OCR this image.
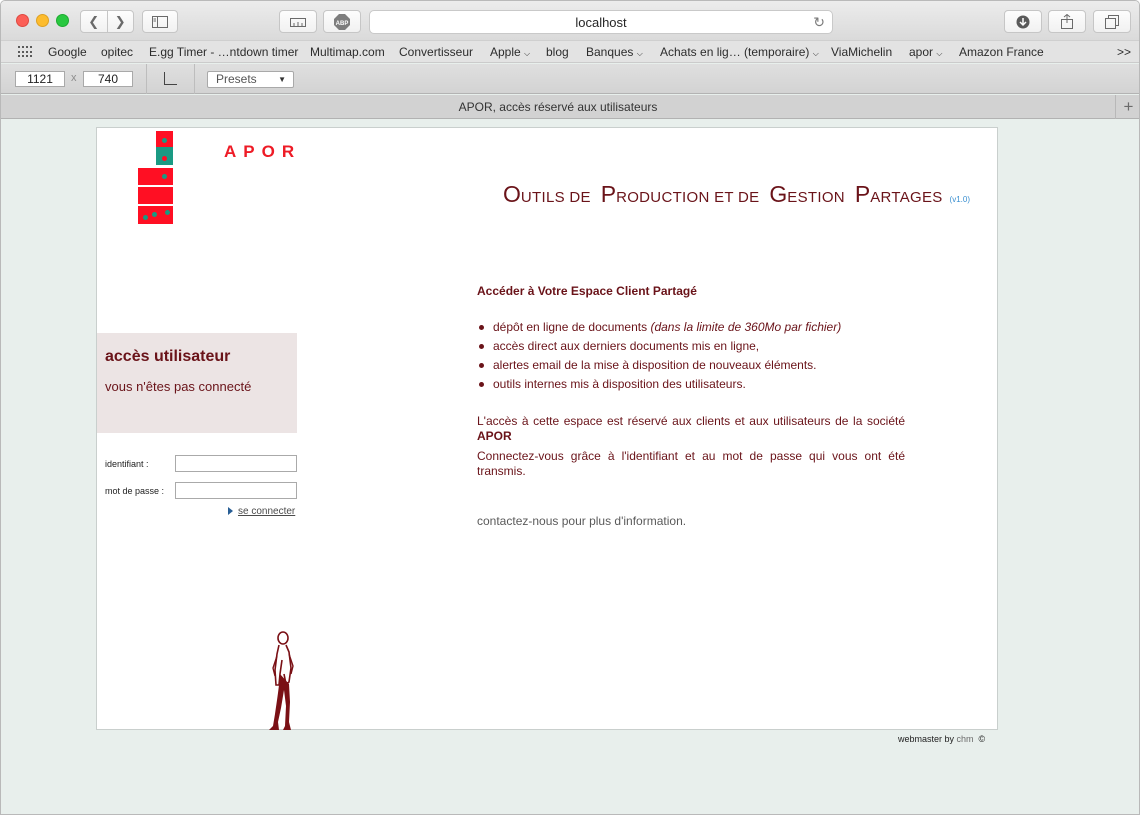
❮	❯	ABP	localhost	↻
Google opitec E.gg Timer - …ntdown timer Multimap.com Convertisseur Apple ⌵ blog Banques ⌵ Achats en lig… (temporaire) ⌵ ViaMichelin apor ⌵ Amazon France	>>
1121	x	740	Presets	▼
APOR, accès réservé aux utilisateurs	+
APOR
OUTILS DE PRODUCTION ET DE GESTION PARTAGES (v1.0)
accès utilisateur
vous n'êtes pas connecté
identifiant :
mot de passe :
se connecter
Accéder à Votre Espace Client Partagé
dépôt en ligne de documents (dans la limite de 360Mo par fichier)
accès direct aux derniers documents mis en ligne,
alertes email de la mise à disposition de nouveaux éléments.
outils internes mis à disposition des utilisateurs.

L'accès à cette espace est réservé aux clients et aux utilisateurs de la société APOR

Connectez-vous grâce à l'identifiant et au mot de passe qui vous ont été transmis.

contactez-nous pour plus d'information.

webmaster by chm ©
